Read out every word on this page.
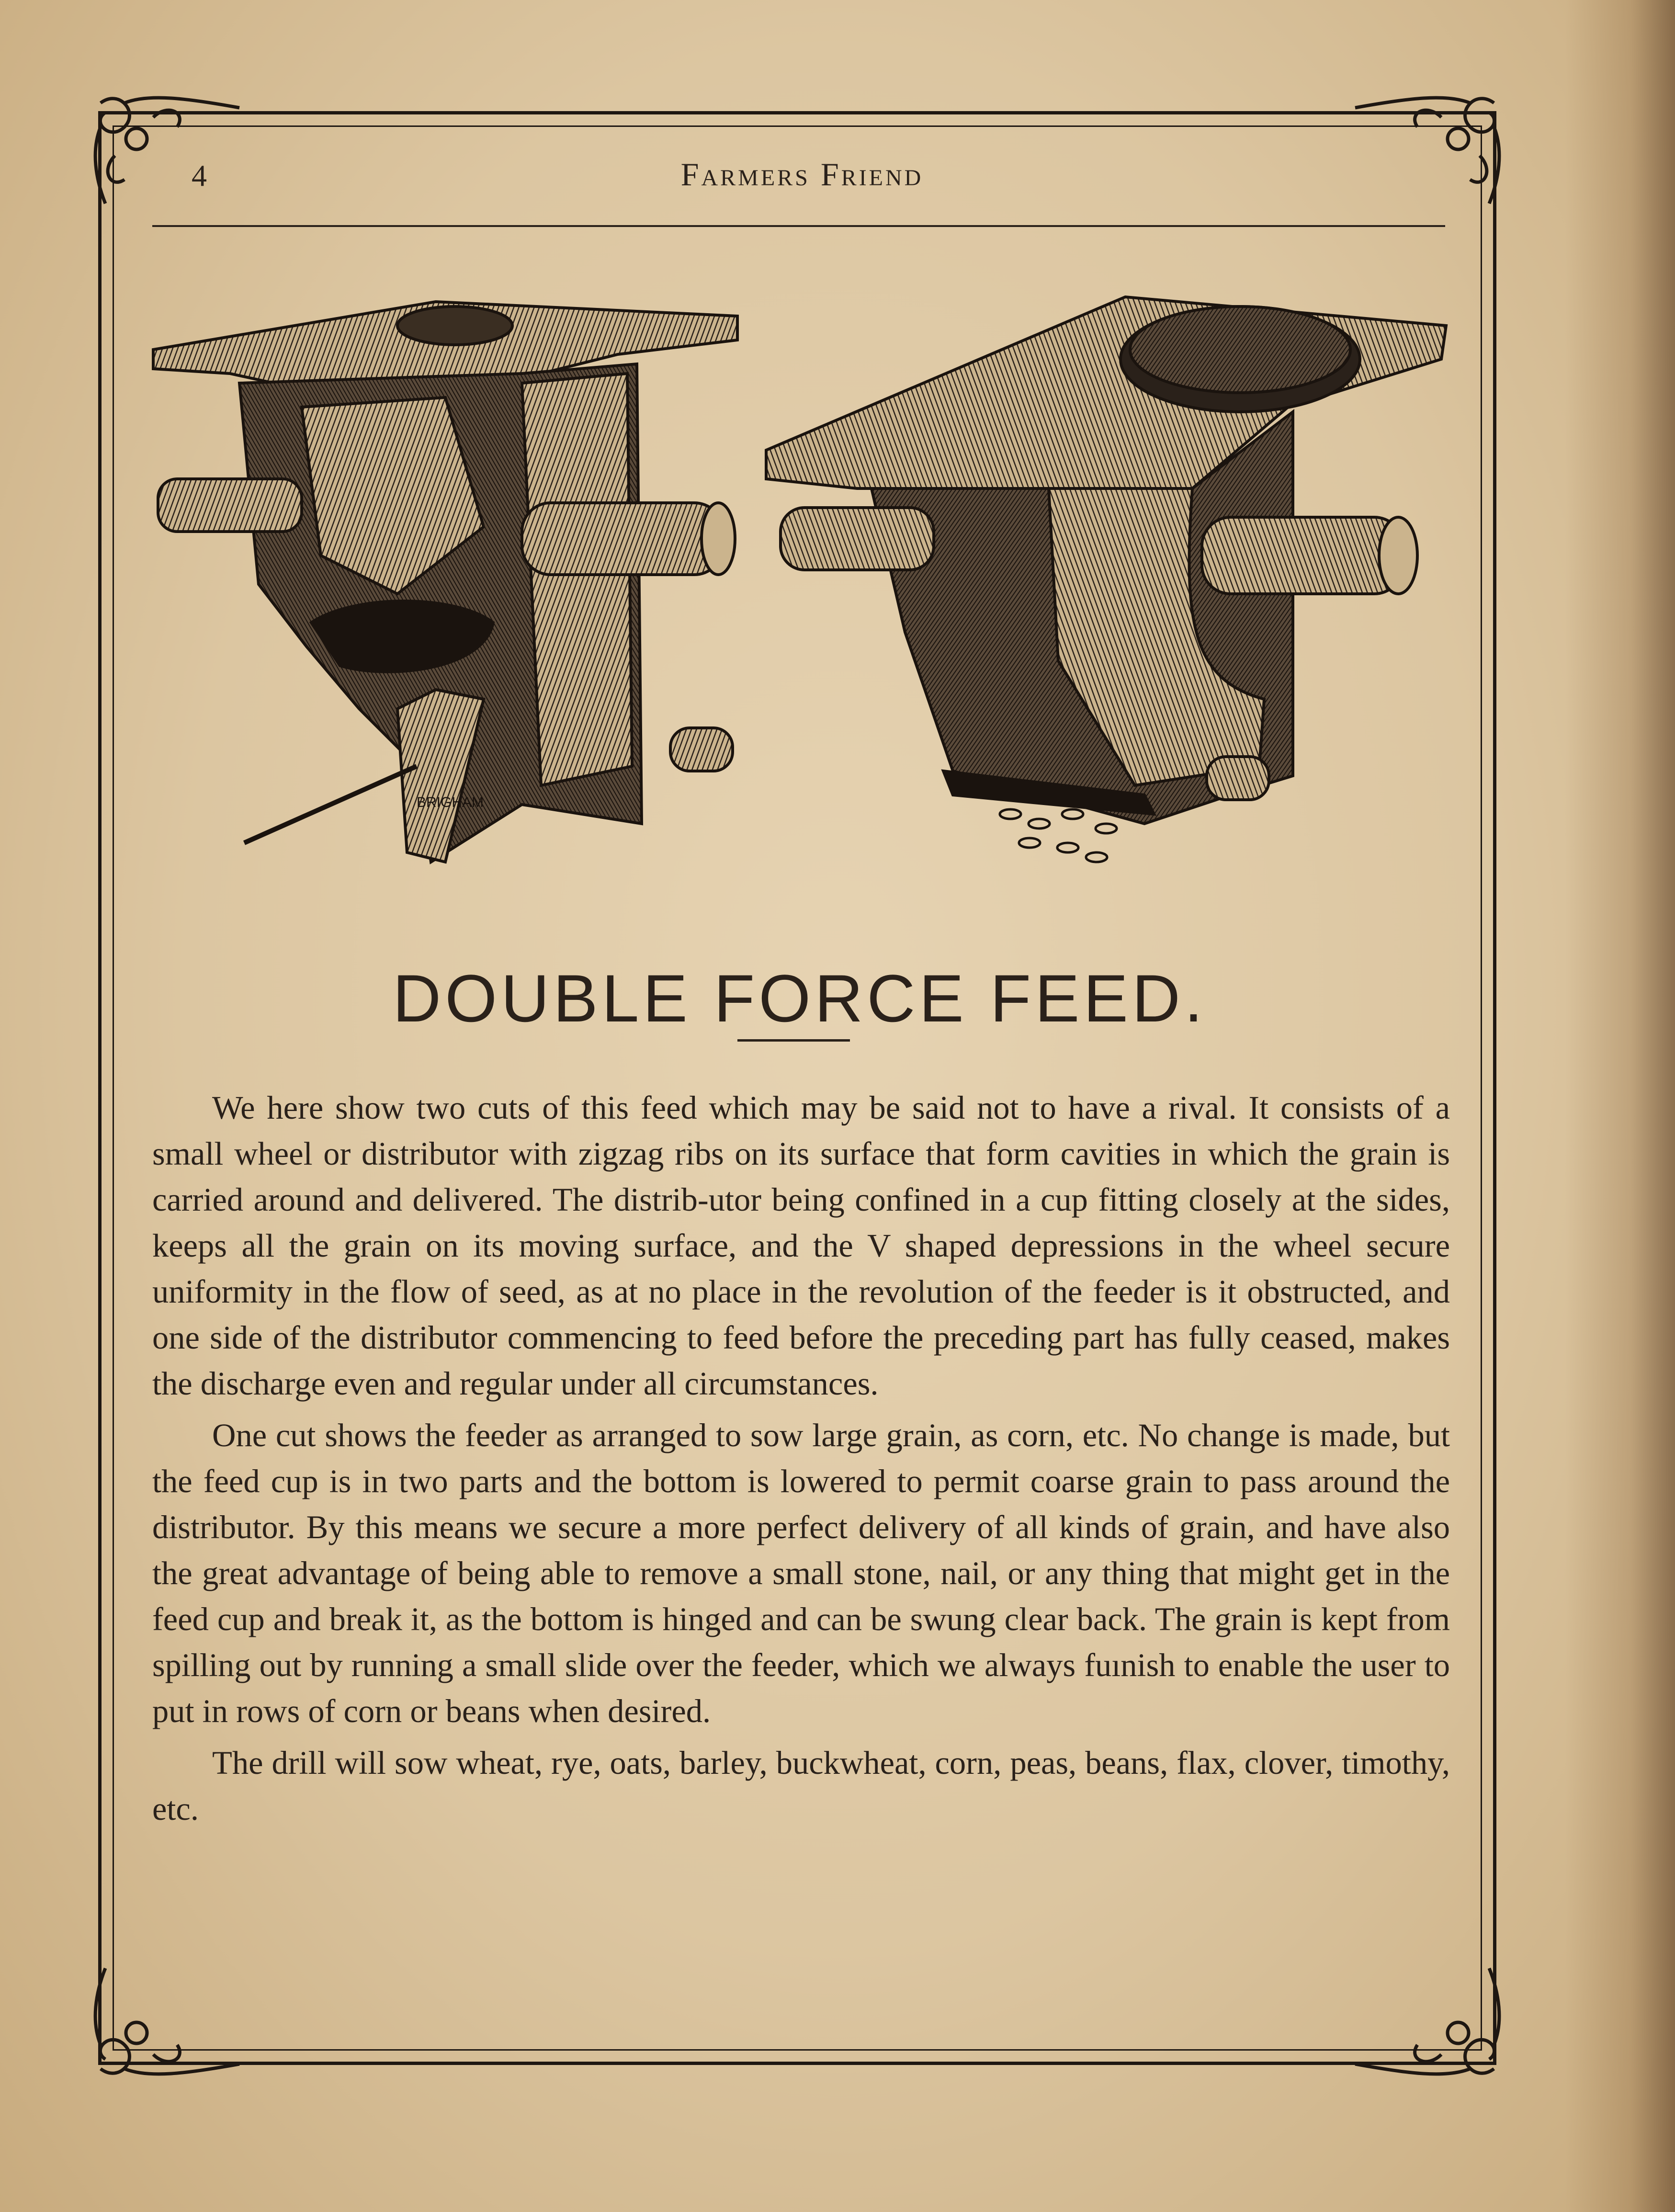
4	Farmers Friend
BRIGHAM
DOUBLE FORCE FEED.

We here show two cuts of this feed which may be said not to have a rival. It consists of a small wheel or distributor with zigzag ribs on its surface that form cavities in which the grain is carried around and delivered. The distrib-utor being confined in a cup fitting closely at the sides, keeps all the grain on its moving surface, and the V shaped depressions in the wheel secure uniformity in the flow of seed, as at no place in the revolution of the feeder is it obstructed, and one side of the distributor commencing to feed before the preceding part has fully ceased, makes the discharge even and regular under all circumstances.

One cut shows the feeder as arranged to sow large grain, as corn, etc. No change is made, but the feed cup is in two parts and the bottom is lowered to permit coarse grain to pass around the distributor. By this means we secure a more perfect delivery of all kinds of grain, and have also the great advantage of being able to remove a small stone, nail, or any thing that might get in the feed cup and break it, as the bottom is hinged and can be swung clear back. The grain is kept from spilling out by running a small slide over the feeder, which we always fuınish to enable the user to put in rows of corn or beans when desired.

The drill will sow wheat, rye, oats, barley, buckwheat, corn, peas, beans, flax, clover, timothy, etc.
